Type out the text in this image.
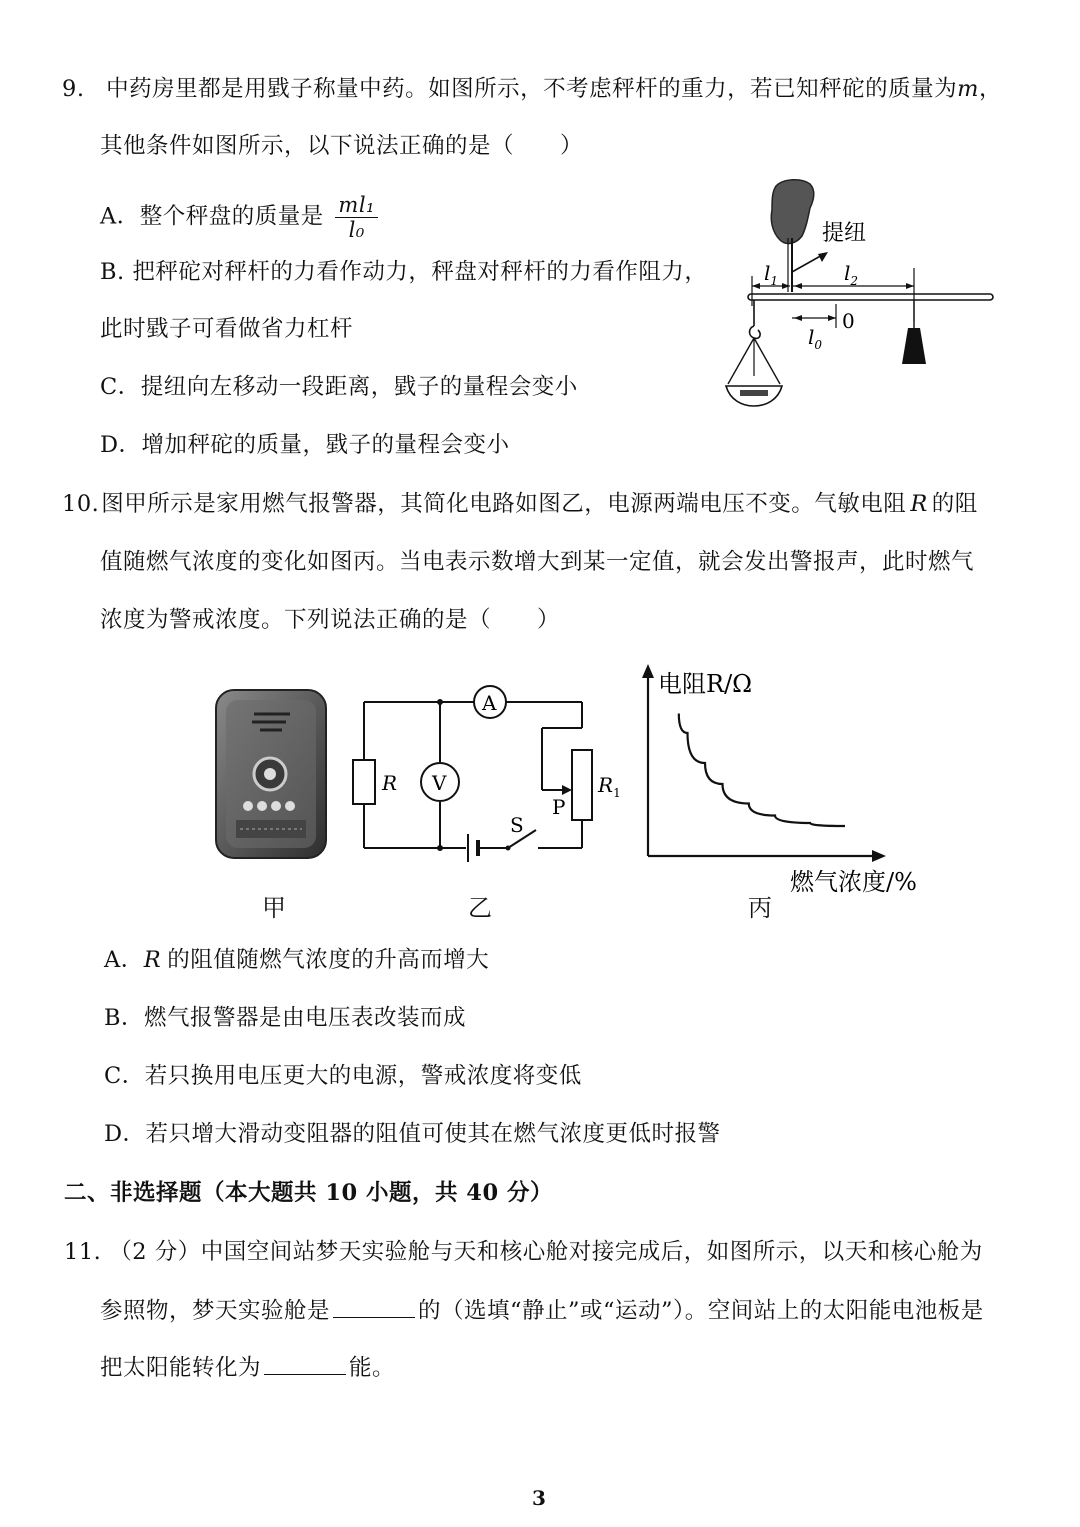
9. 中药房里都是用戥子称量中药。如图所示，不考虑秤杆的重力，若已知秤砣的质量为m，
其他条件如图所示，以下说法正确的是（　　）
A．整个秤盘的质量是 $\frac{\text{ml₁}}{\text{l₀}}$
B. 把秤砣对秤杆的力看作动力，秤盘对秤杆的力看作阻力，
此时戥子可看做省力杠杆
C．提纽向左移动一段距离，戥子的量程会变小
D．增加秤砣的质量，戥子的量程会变小
提纽
$l_1$	$l_2$
0
$l_0$
10.图甲所示是家用燃气报警器，其简化电路如图乙，电源两端电压不变。气敏电阻 R 的阻
值随燃气浓度的变化如图丙。当电表示数增大到某一定值，就会发出警报声，此时燃气
浓度为警戒浓度。下列说法正确的是（　　）
R V
A
$R_1$
P
S
电阻R/Ω
燃气浓度/%
甲	乙	丙
A．R 的阻值随燃气浓度的升高而增大
B．燃气报警器是由电压表改装而成
C．若只换用电压更大的电源，警戒浓度将变低
D．若只增大滑动变阻器的阻值可使其在燃气浓度更低时报警
二、非选择题（本大题共 10 小题，共 40 分）
11. （2 分）中国空间站梦天实验舱与天和核心舱对接完成后，如图所示，以天和核心舱为
参照物，梦天实验舱是	的（选填“静止”或“运动”）。空间站上的太阳能电池板是
把太阳能转化为	能。
3
